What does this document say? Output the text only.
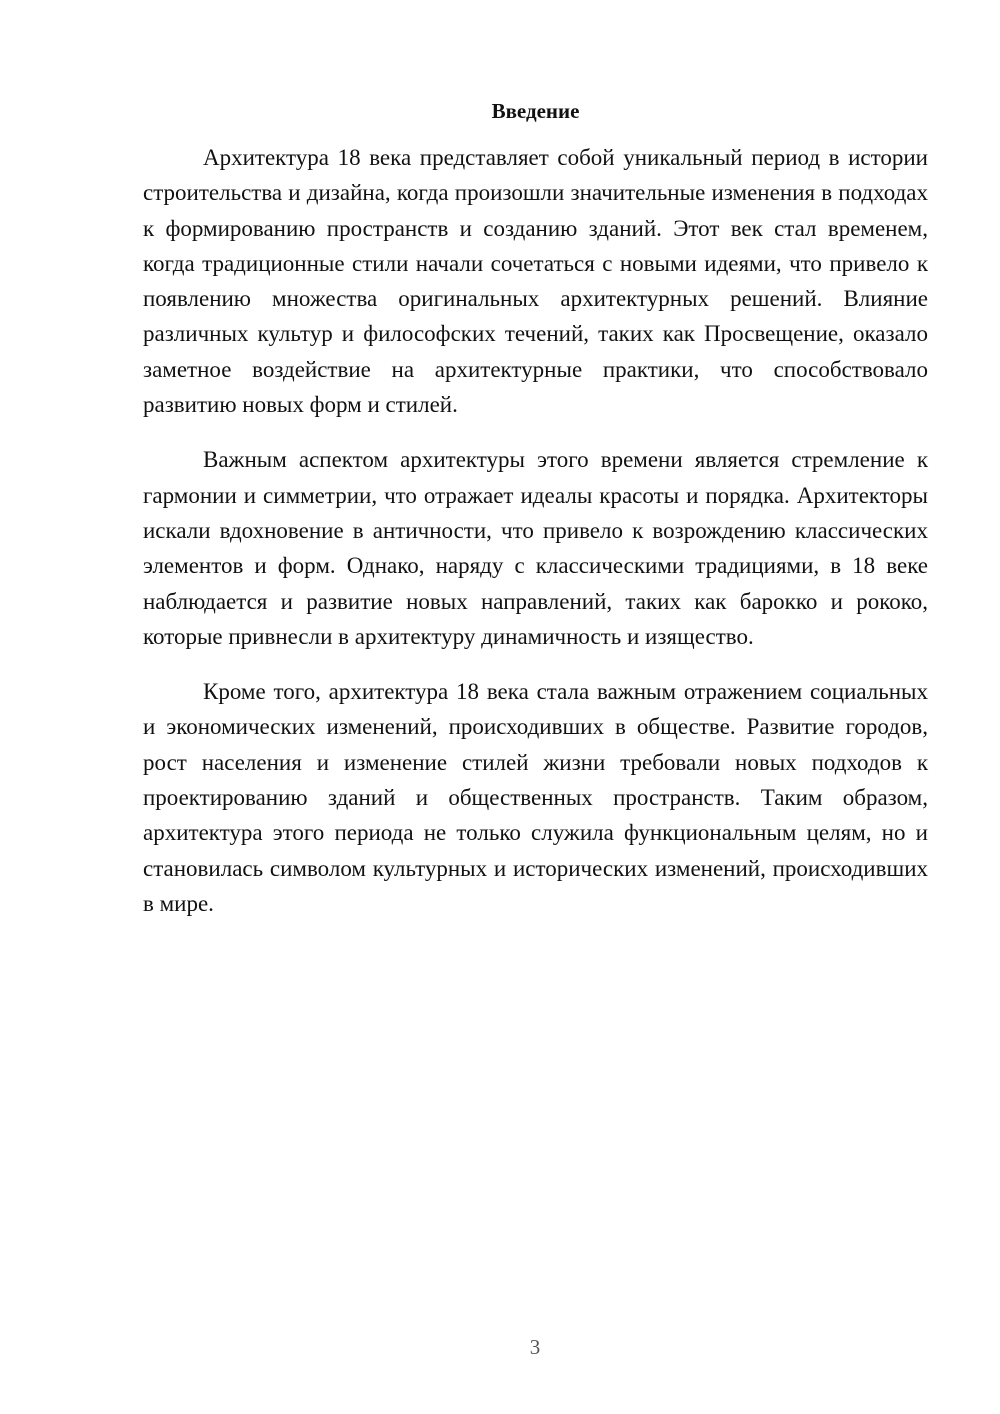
Введение

Архитектура 18 века представляет собой уникальный период в истории строительства и дизайна, когда произошли значительные изменения в подходах к формированию пространств и созданию зданий. Этот век стал временем, когда традиционные стили начали сочетаться с новыми идеями, что привело к появлению множества оригинальных архитектурных решений. Влияние различных культур и философских течений, таких как Просвещение, оказало заметное воздействие на архитектурные практики, что способствовало развитию новых форм и стилей.

Важным аспектом архитектуры этого времени является стремление к гармонии и симметрии, что отражает идеалы красоты и порядка. Архитекторы искали вдохновение в античности, что привело к возрождению классических элементов и форм. Однако, наряду с классическими традициями, в 18 веке наблюдается и развитие новых направлений, таких как барокко и рококо, которые привнесли в архитектуру динамичность и изящество.

Кроме того, архитектура 18 века стала важным отражением социальных и экономических изменений, происходивших в обществе. Развитие городов, рост населения и изменение стилей жизни требовали новых подходов к проектированию зданий и общественных пространств. Таким образом, архитектура этого периода не только служила функциональным целям, но и становилась символом культурных и исторических изменений, происходивших в мире.

3
